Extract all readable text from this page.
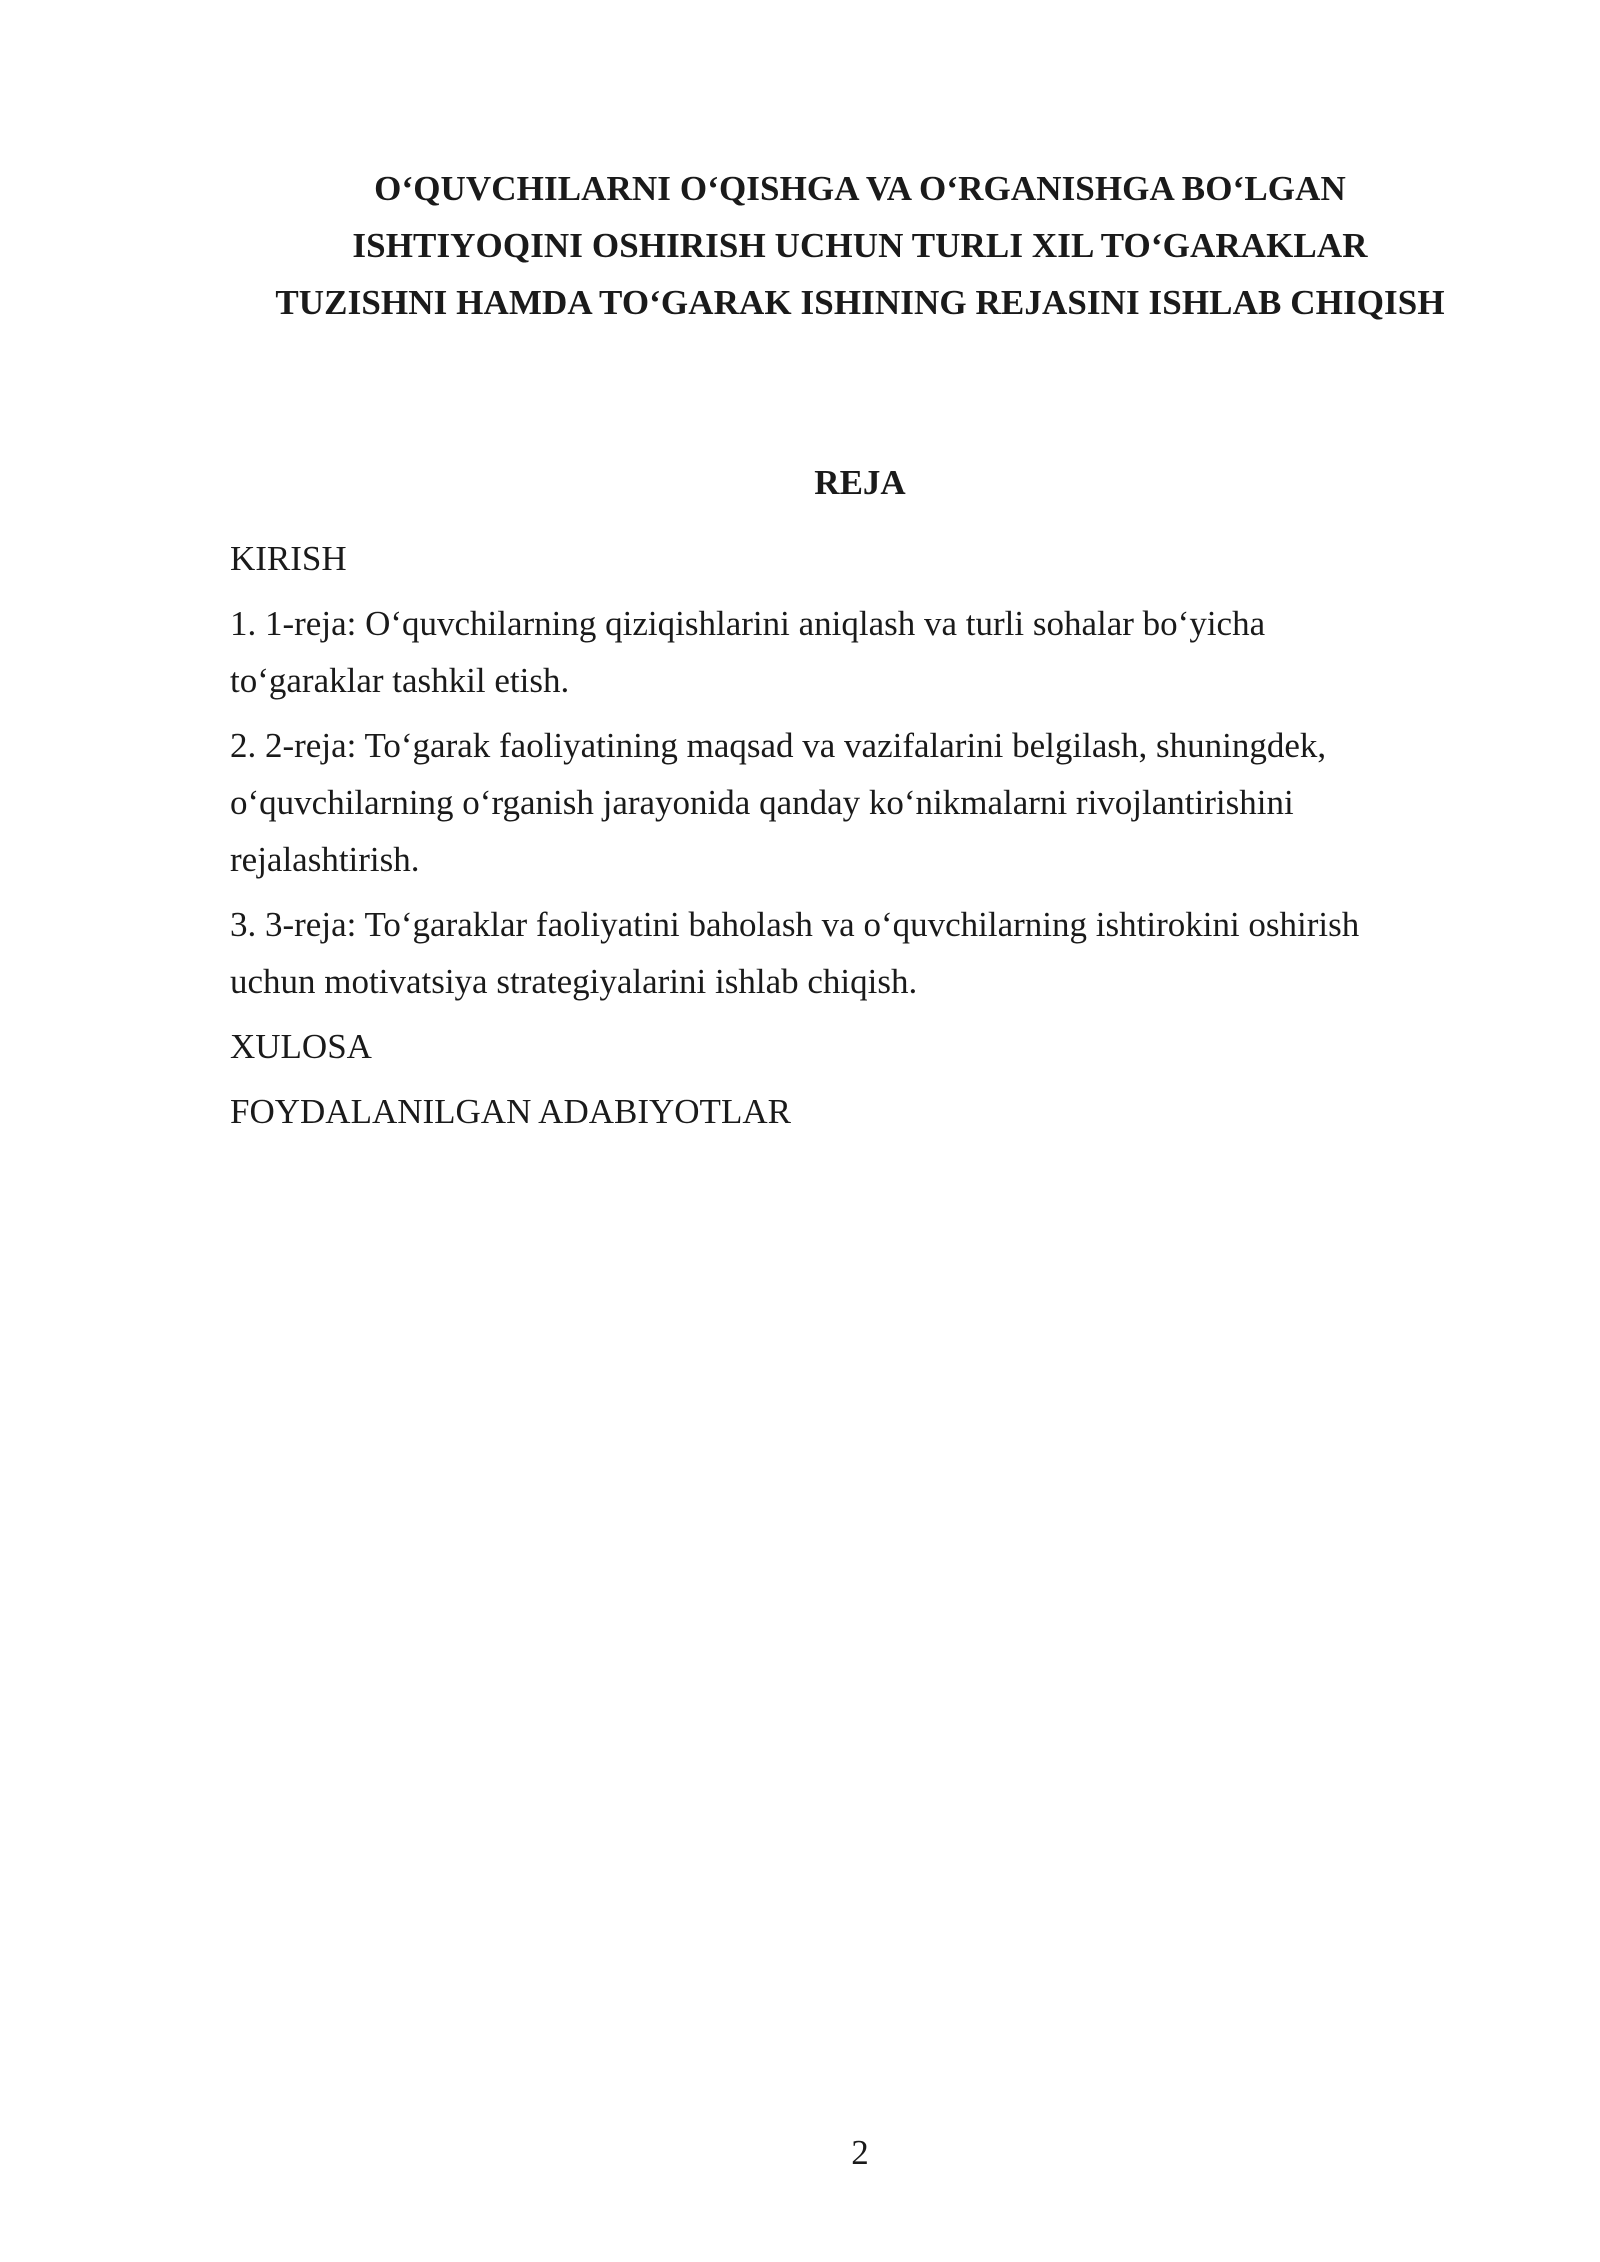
O‘QUVCHILARNI O‘QISHGA VA O‘RGANISHGA BO‘LGAN
ISHTIYOQINI OSHIRISH UCHUN TURLI XIL TO‘GARAKLAR
TUZISHNI HAMDA TO‘GARAK ISHINING REJASINI ISHLAB CHIQISH
REJA

KIRISH

1. 1-reja: O‘quvchilarning qiziqishlarini aniqlash va turli sohalar bo‘yicha
to‘garaklar tashkil etish.

2. 2-reja: To‘garak faoliyatining maqsad va vazifalarini belgilash, shuningdek,
o‘quvchilarning o‘rganish jarayonida qanday ko‘nikmalarni rivojlantirishini
rejalashtirish.

3. 3-reja: To‘garaklar faoliyatini baholash va o‘quvchilarning ishtirokini oshirish
uchun motivatsiya strategiyalarini ishlab chiqish.

XULOSA

FOYDALANILGAN ADABIYOTLAR

2
